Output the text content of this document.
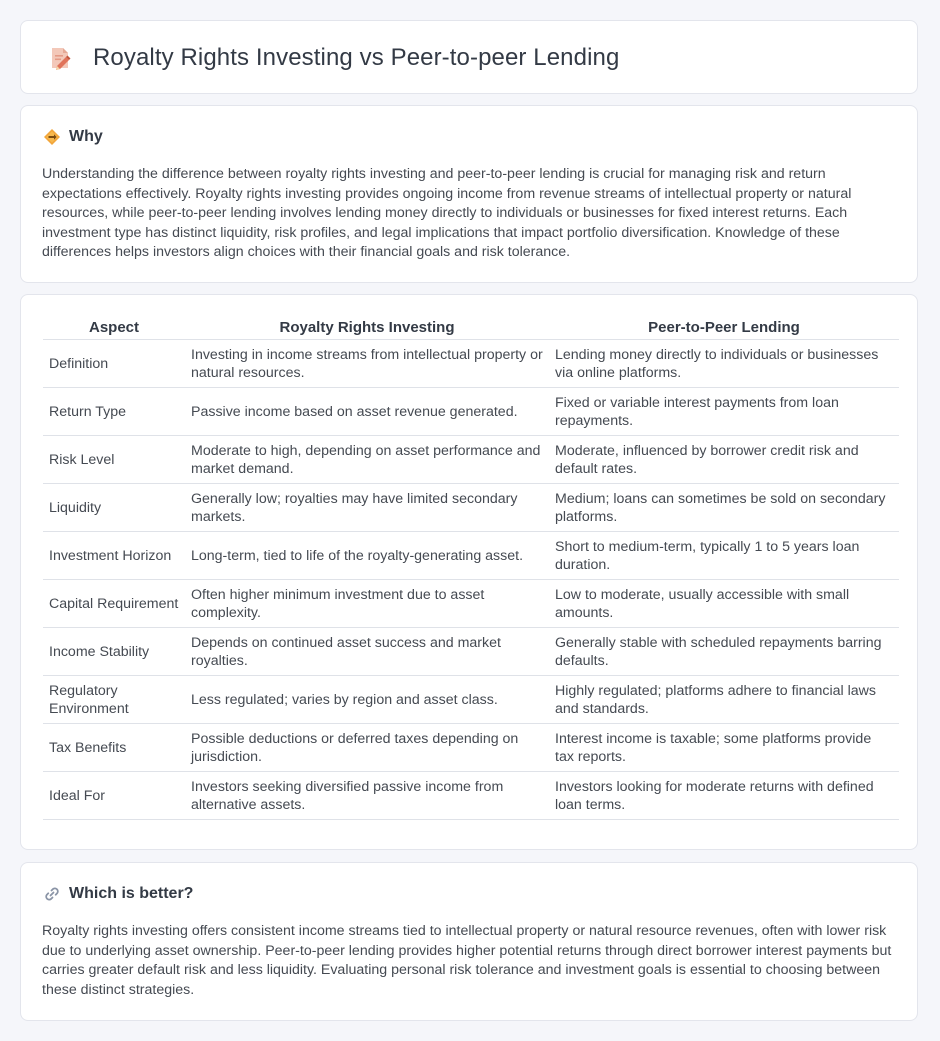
Royalty Rights Investing vs Peer-to-peer Lending
Why

Understanding the difference between royalty rights investing and peer-to-peer lending is crucial for managing risk and return expectations effectively. Royalty rights investing provides ongoing income from revenue streams of intellectual property or natural resources, while peer-to-peer lending involves lending money directly to individuals or businesses for fixed interest returns. Each investment type has distinct liquidity, risk profiles, and legal implications that impact portfolio diversification. Knowledge of these differences helps investors align choices with their financial goals and risk tolerance.

Aspect	Royalty Rights Investing	Peer-to-Peer Lending
Definition	Investing in income streams from intellectual property or natural resources.	Lending money directly to individuals or businesses via online platforms.
Return Type	Passive income based on asset revenue generated.	Fixed or variable interest payments from loan repayments.
Risk Level	Moderate to high, depending on asset performance and market demand.	Moderate, influenced by borrower credit risk and default rates.
Liquidity	Generally low; royalties may have limited secondary markets.	Medium; loans can sometimes be sold on secondary platforms.
Investment Horizon	Long-term, tied to life of the royalty-generating asset.	Short to medium-term, typically 1 to 5 years loan duration.
Capital Requirement	Often higher minimum investment due to asset complexity.	Low to moderate, usually accessible with small amounts.
Income Stability	Depends on continued asset success and market royalties.	Generally stable with scheduled repayments barring defaults.
Regulatory Environment	Less regulated; varies by region and asset class.	Highly regulated; platforms adhere to financial laws and standards.
Tax Benefits	Possible deductions or deferred taxes depending on jurisdiction.	Interest income is taxable; some platforms provide tax reports.
Ideal For	Investors seeking diversified passive income from alternative assets.	Investors looking for moderate returns with defined loan terms.
Which is better?

Royalty rights investing offers consistent income streams tied to intellectual property or natural resource revenues, often with lower risk due to underlying asset ownership. Peer-to-peer lending provides higher potential returns through direct borrower interest payments but carries greater default risk and less liquidity. Evaluating personal risk tolerance and investment goals is essential to choosing between these distinct strategies.
